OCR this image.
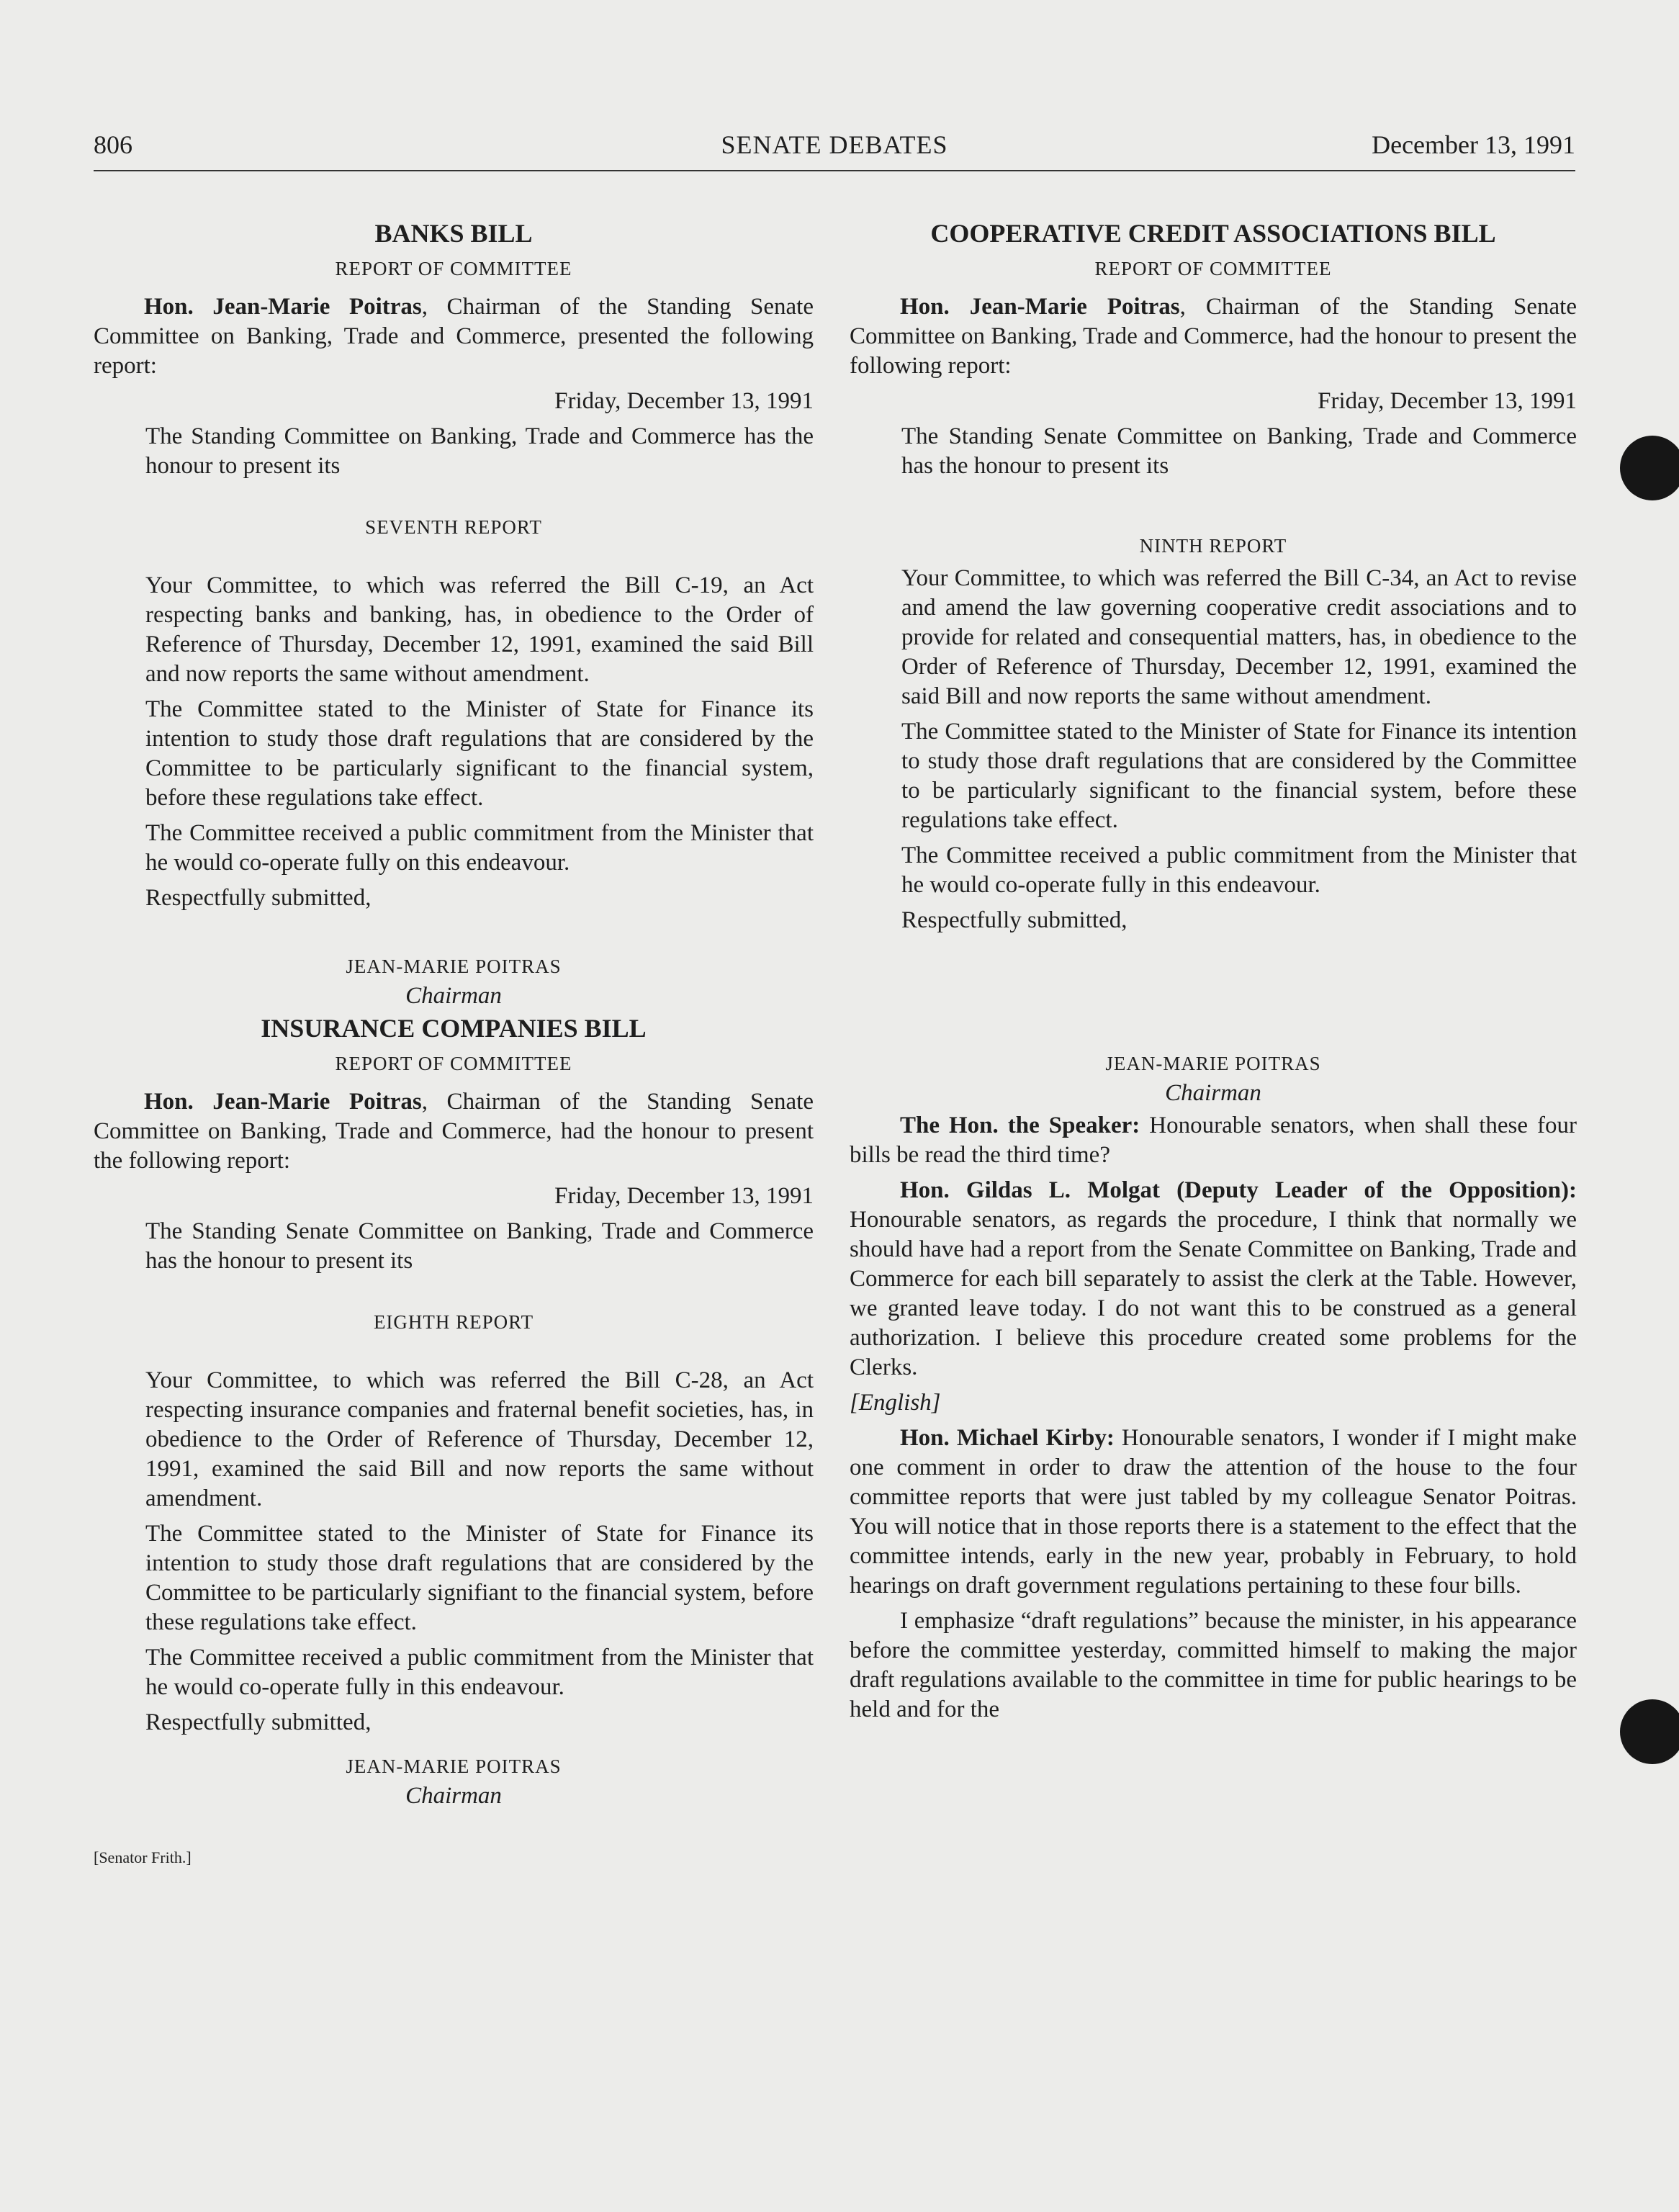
806	SENATE DEBATES	December 13, 1991
BANKS BILL
REPORT OF COMMITTEE

Hon. Jean-Marie Poitras, Chairman of the Standing Senate Committee on Banking, Trade and Commerce, presented the following report:

Friday, December 13, 1991

The Standing Committee on Banking, Trade and Commerce has the honour to present its

SEVENTH REPORT

Your Committee, to which was referred the Bill C-19, an Act respecting banks and banking, has, in obedience to the Order of Reference of Thursday, December 12, 1991, examined the said Bill and now reports the same without amendment.

The Committee stated to the Minister of State for Finance its intention to study those draft regulations that are considered by the Committee to be particularly significant to the financial system, before these regulations take effect.

The Committee received a public commitment from the Minister that he would co-operate fully on this endeavour.

Respectfully submitted,

JEAN-MARIE POITRAS
Chairman
INSURANCE COMPANIES BILL
REPORT OF COMMITTEE

Hon. Jean-Marie Poitras, Chairman of the Standing Senate Committee on Banking, Trade and Commerce, had the honour to present the following report:

Friday, December 13, 1991

The Standing Senate Committee on Banking, Trade and Commerce has the honour to present its

EIGHTH REPORT

Your Committee, to which was referred the Bill C-28, an Act respecting insurance companies and fraternal benefit societies, has, in obedience to the Order of Reference of Thursday, December 12, 1991, examined the said Bill and now reports the same without amendment.

The Committee stated to the Minister of State for Finance its intention to study those draft regulations that are considered by the Committee to be particularly signifiant to the financial system, before these regulations take effect.

The Committee received a public commitment from the Minister that he would co-operate fully in this endeavour.

Respectfully submitted,

JEAN-MARIE POITRAS
Chairman
[Senator Frith.]
COOPERATIVE CREDIT ASSOCIATIONS BILL
REPORT OF COMMITTEE

Hon. Jean-Marie Poitras, Chairman of the Standing Senate Committee on Banking, Trade and Commerce, had the honour to present the following report:

Friday, December 13, 1991

The Standing Senate Committee on Banking, Trade and Commerce has the honour to present its

NINTH REPORT

Your Committee, to which was referred the Bill C-34, an Act to revise and amend the law governing cooperative credit associations and to provide for related and consequential matters, has, in obedience to the Order of Reference of Thursday, December 12, 1991, examined the said Bill and now reports the same without amendment.

The Committee stated to the Minister of State for Finance its intention to study those draft regulations that are considered by the Committee to be particularly significant to the financial system, before these regulations take effect.

The Committee received a public commitment from the Minister that he would co-operate fully in this endeavour.

Respectfully submitted,

JEAN-MARIE POITRAS
Chairman

The Hon. the Speaker: Honourable senators, when shall these four bills be read the third time?

Hon. Gildas L. Molgat (Deputy Leader of the Opposition): Honourable senators, as regards the procedure, I think that normally we should have had a report from the Senate Committee on Banking, Trade and Commerce for each bill separately to assist the clerk at the Table. However, we granted leave today. I do not want this to be construed as a general authorization. I believe this procedure created some problems for the Clerks.

[English]

Hon. Michael Kirby: Honourable senators, I wonder if I might make one comment in order to draw the attention of the house to the four committee reports that were just tabled by my colleague Senator Poitras. You will notice that in those reports there is a statement to the effect that the committee intends, early in the new year, probably in February, to hold hearings on draft government regulations pertaining to these four bills.

I emphasize “draft regulations” because the minister, in his appearance before the committee yesterday, committed himself to making the major draft regulations available to the committee in time for public hearings to be held and for the
